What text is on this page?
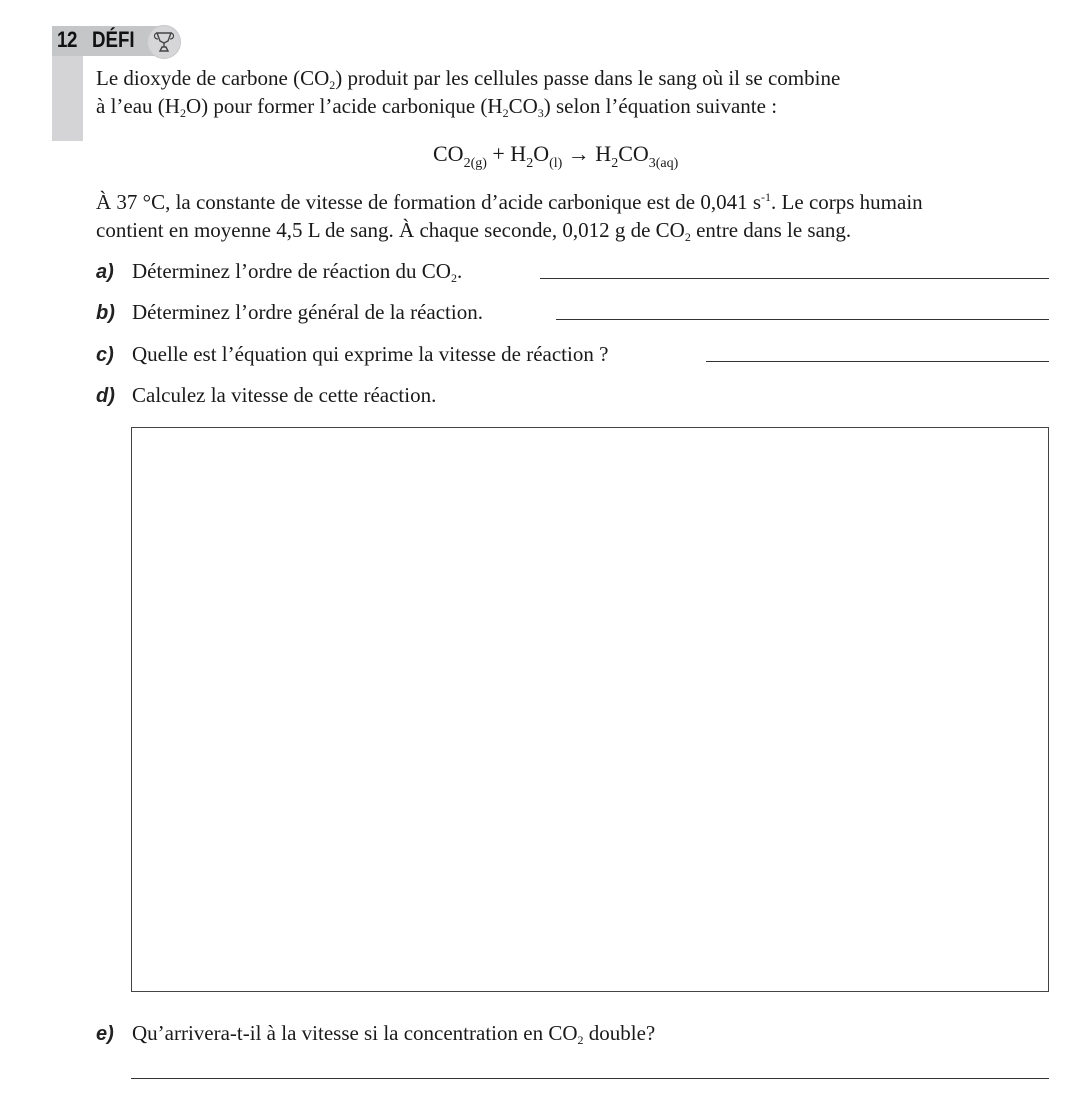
12 DÉFI
Le dioxyde de carbone $(CO_2)$ produit par les cellules passe dans le sang où il se combine
à l’eau $(H_2O)$ pour former l’acide carbonique $(H_2CO_3)$ selon l’équation suivante :
$CO_{2(g)} + H_2O_{(l)} \to H_2CO_{3(aq)}$
À 37 °C, la constante de vitesse de formation d’acide carbonique est de 0,041 $s^{-1}$. Le corps humain
contient en moyenne 4,5 L de sang. À chaque seconde, 0,012 g de $CO_2$ entre dans le sang.
a) Déterminez l’ordre de réaction du $CO_2$.
b) Déterminez l’ordre général de la réaction.
c) Quelle est l’équation qui exprime la vitesse de réaction ?
d) Calculez la vitesse de cette réaction.
e) Qu’arrivera-t-il à la vitesse si la concentration en $CO_2$ double?
